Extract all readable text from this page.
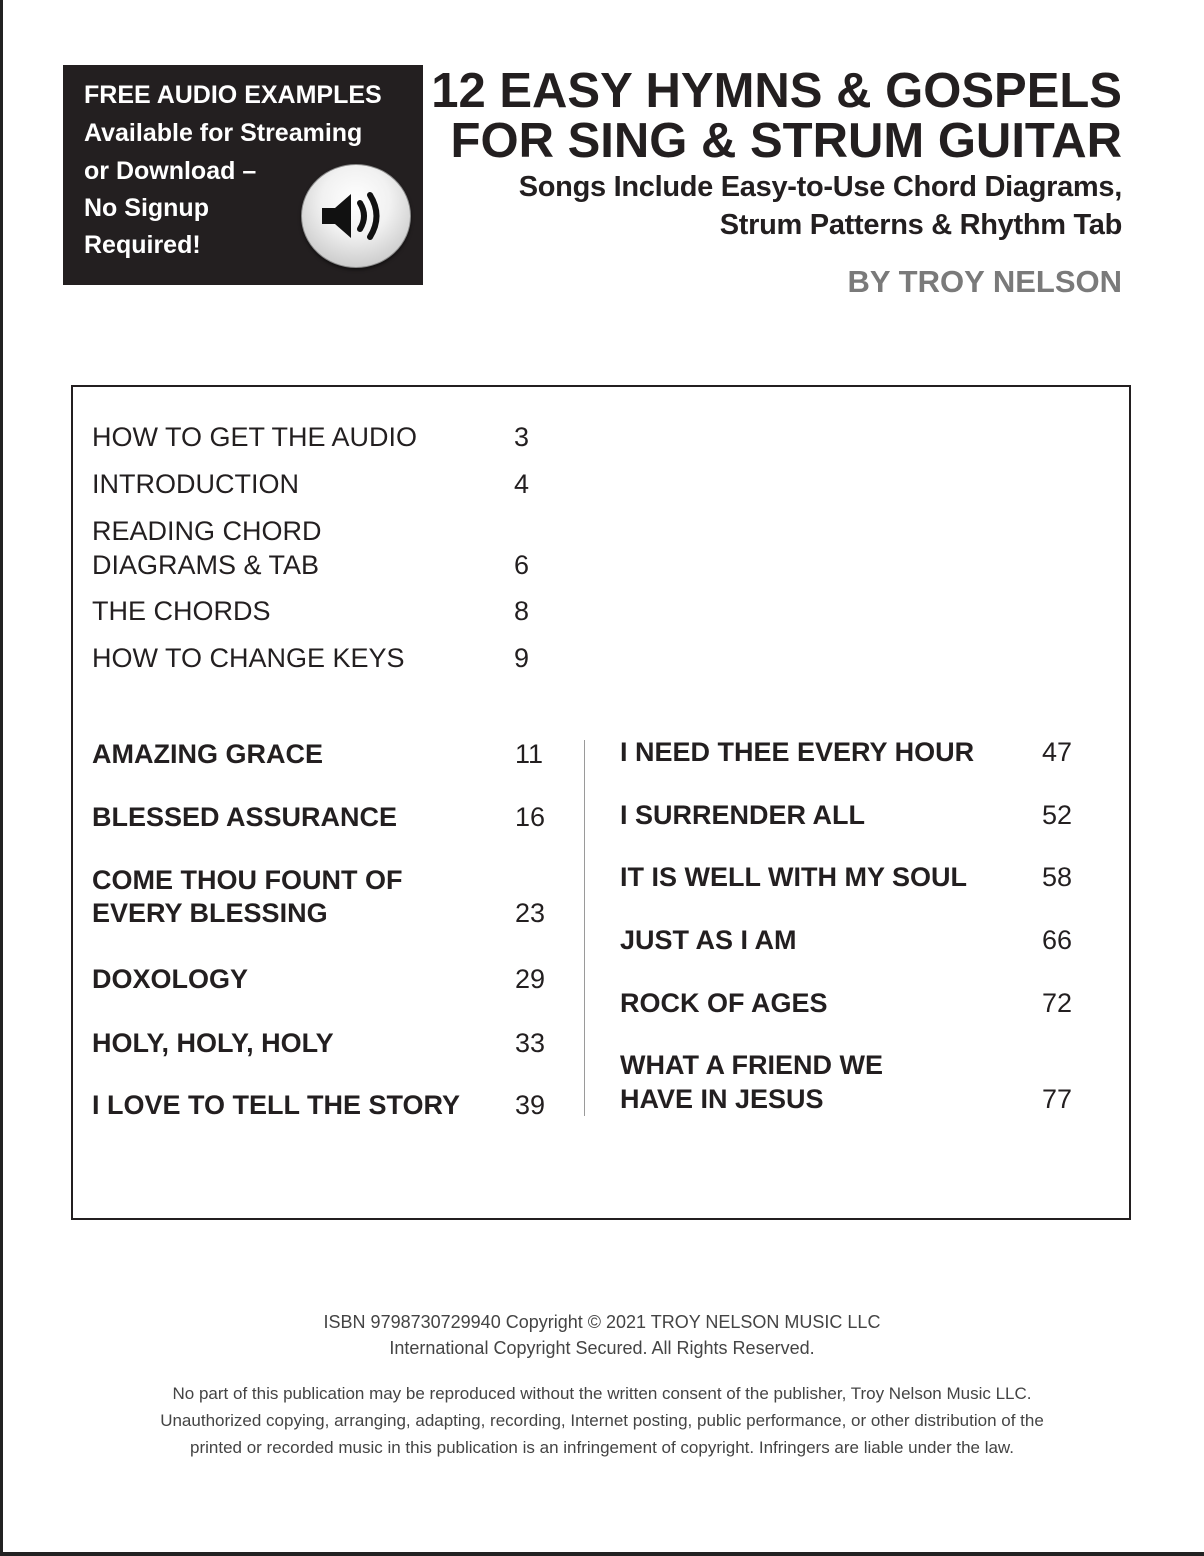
FREE AUDIO EXAMPLES
Available for Streaming
or Download –
No Signup
Required!
12 EASY HYMNS & GOSPELS
FOR SING & STRUM GUITAR
Songs Include Easy-to-Use Chord Diagrams,
Strum Patterns & Rhythm Tab
BY TROY NELSON
HOW TO GET THE AUDIO	3
INTRODUCTION	4
READING CHORD
DIAGRAMS & TAB	6
THE CHORDS	8
HOW TO CHANGE KEYS	9
AMAZING GRACE	11
BLESSED ASSURANCE	16
COME THOU FOUNT OF
EVERY BLESSING	23
DOXOLOGY	29
HOLY, HOLY, HOLY	33
I LOVE TO TELL THE STORY 39
I NEED THEE EVERY HOUR	47
I SURRENDER ALL	52
IT IS WELL WITH MY SOUL	58
JUST AS I AM	66
ROCK OF AGES	72
WHAT A FRIEND WE
HAVE IN JESUS	77
ISBN 9798730729940 Copyright © 2021 TROY NELSON MUSIC LLC
International Copyright Secured. All Rights Reserved.
No part of this publication may be reproduced without the written consent of the publisher, Troy Nelson Music LLC.
Unauthorized copying, arranging, adapting, recording, Internet posting, public performance, or other distribution of the
printed or recorded music in this publication is an infringement of copyright. Infringers are liable under the law.
